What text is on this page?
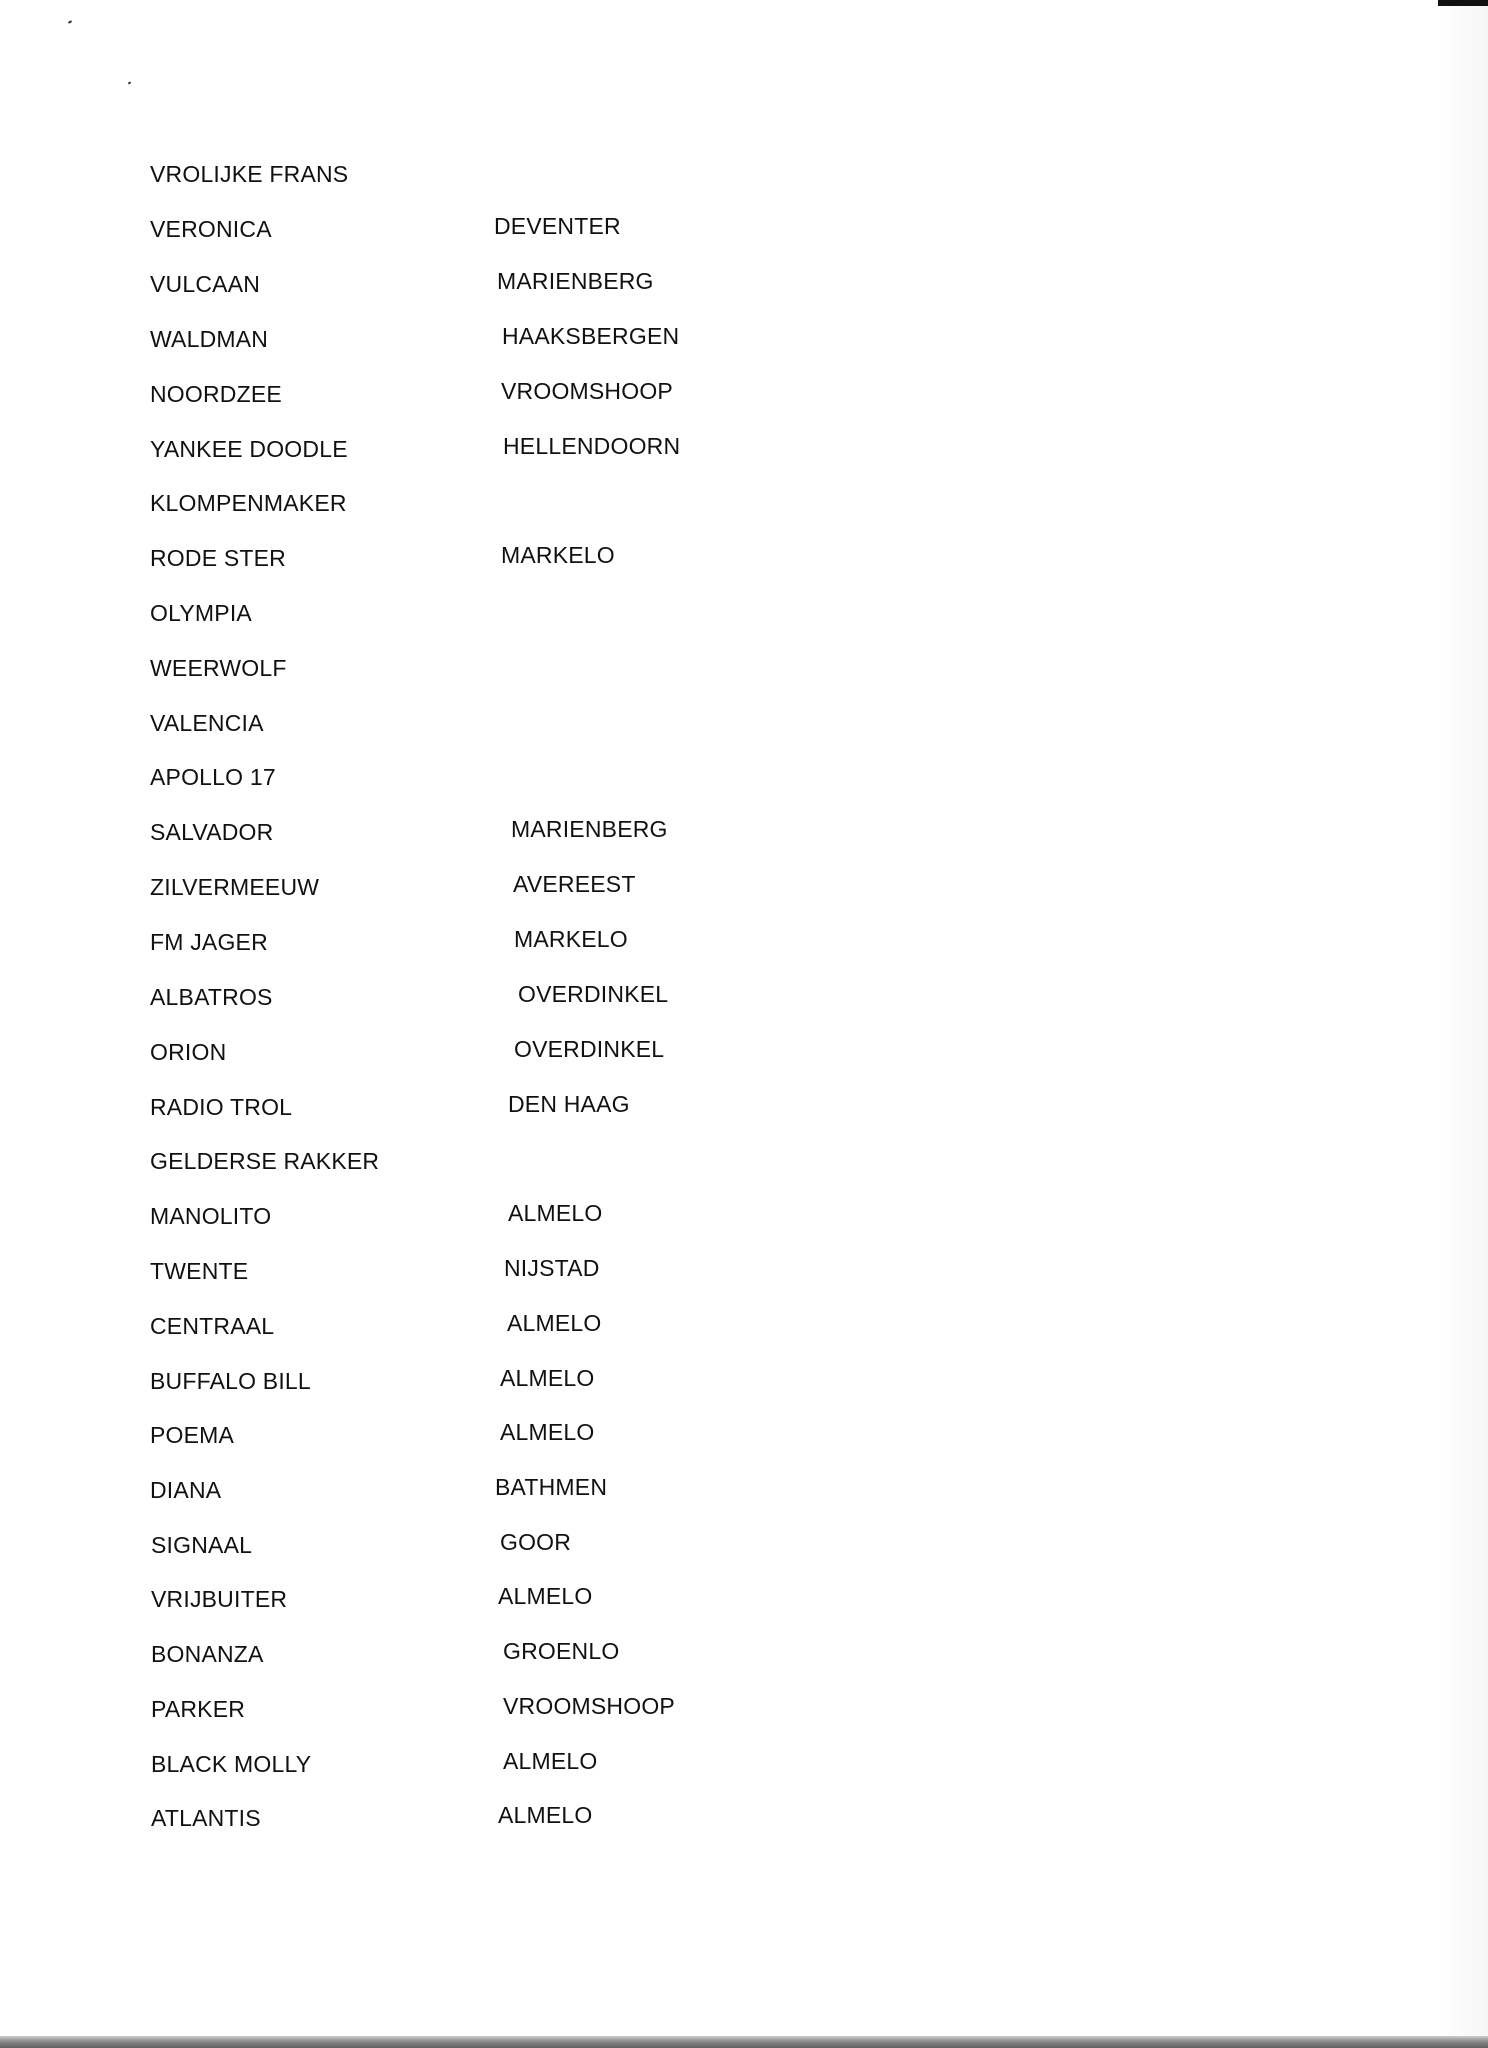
VROLIJKE FRANS
VERONICA	DEVENTER
VULCAAN	MARIENBERG
WALDMAN	HAAKSBERGEN
NOORDZEE	VROOMSHOOP
YANKEE DOODLE	HELLENDOORN
KLOMPENMAKER
RODE STER	MARKELO
OLYMPIA
WEERWOLF
VALENCIA
APOLLO 17
SALVADOR	MARIENBERG
ZILVERMEEUW	AVEREEST
FM JAGER	MARKELO
ALBATROS	OVERDINKEL
ORION	OVERDINKEL
RADIO TROL	DEN HAAG
GELDERSE RAKKER
MANOLITO	ALMELO
TWENTE	NIJSTAD
CENTRAAL	ALMELO
BUFFALO BILL	ALMELO
POEMA	ALMELO
DIANA	BATHMEN
SIGNAAL	GOOR
VRIJBUITER	ALMELO
BONANZA	GROENLO
PARKER	VROOMSHOOP
BLACK MOLLY	ALMELO
ATLANTIS	ALMELO
